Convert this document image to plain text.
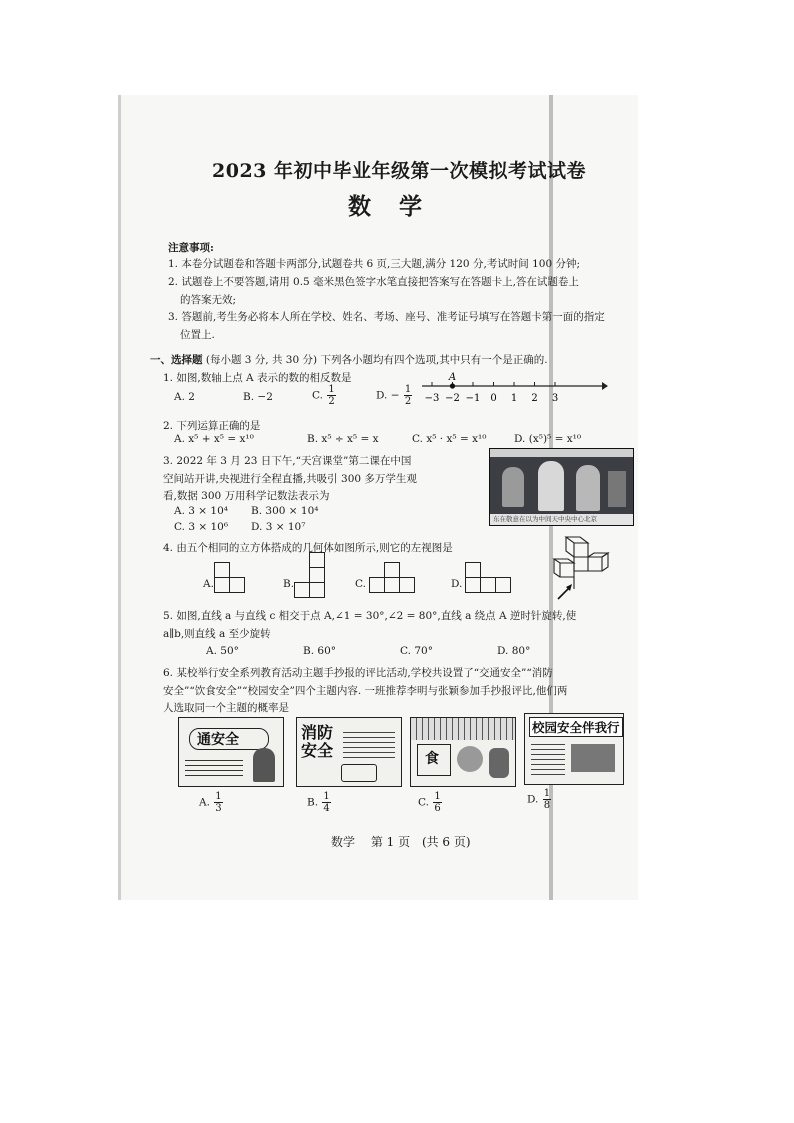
2023 年初中毕业年级第一次模拟考试试卷
数学
注意事项:
1. 本卷分试题卷和答题卡两部分,试题卷共 6 页,三大题,满分 120 分,考试时间 100 分钟;
2. 试题卷上不要答题,请用 0.5 毫米黑色签字水笔直接把答案写在答题卡上,答在试题卷上
的答案无效;
3. 答题前,考生务必将本人所在学校、姓名、考场、座号、准考证号填写在答题卡第一面的指定
位置上.
一、选择题 (每小题 3 分, 共 30 分) 下列各小题均有四个选项,其中只有一个是正确的.
1. 如图,数轴上点 A 表示的数的相反数是
A. 2	B. −2	C. $\frac{1}{2}$	D. − $\frac{1}{2} -3 -2 -1$ 0 1 2 3
A
2. 下列运算正确的是
A. x⁵ + x⁵ = x¹⁰	B. x⁵ ÷ x⁵ = x	C. x⁵ · x⁵ = x¹⁰	D. (x⁵)⁵ = x¹⁰
3. 2022 年 3 月 23 日下午,“天宫课堂”第二课在中国
空间站开讲,央视进行全程直播,共吸引 300 多万学生观
看,数据 300 万用科学记数法表示为
A. 3 × 10⁴ B. 300 × 10⁴
C. 3 × 10⁶ D. 3 × 10⁷
东在敬意在以为中间天中央中心北京
4. 由五个相同的立方体搭成的几何体如图所示,则它的左视图是
A.	B.	C.	D.
5. 如图,直线 a 与直线 c 相交于点 A,∠1 = 30°,∠2 = 80°,直线 a 绕点 A 逆时针旋转,使
a∥b,则直线 a 至少旋转
A. 50°	B. 60°	C. 70°	D. 80°
6. 某校举行安全系列教育活动主题手抄报的评比活动,学校共设置了“交通安全”“消防
安全”“饮食安全”“校园安全”四个主题内容. 一班推荐李明与张颖参加手抄报评比,他们两
人选取同一个主题的概率是
通安全	消防安全	食
校园安全伴我行
A. $\frac{1}{3}$	B. $\frac{1}{4}$	C. $\frac{1}{6}$	D. $\frac{1}{8}$
数学 第 1 页 (共 6 页)
